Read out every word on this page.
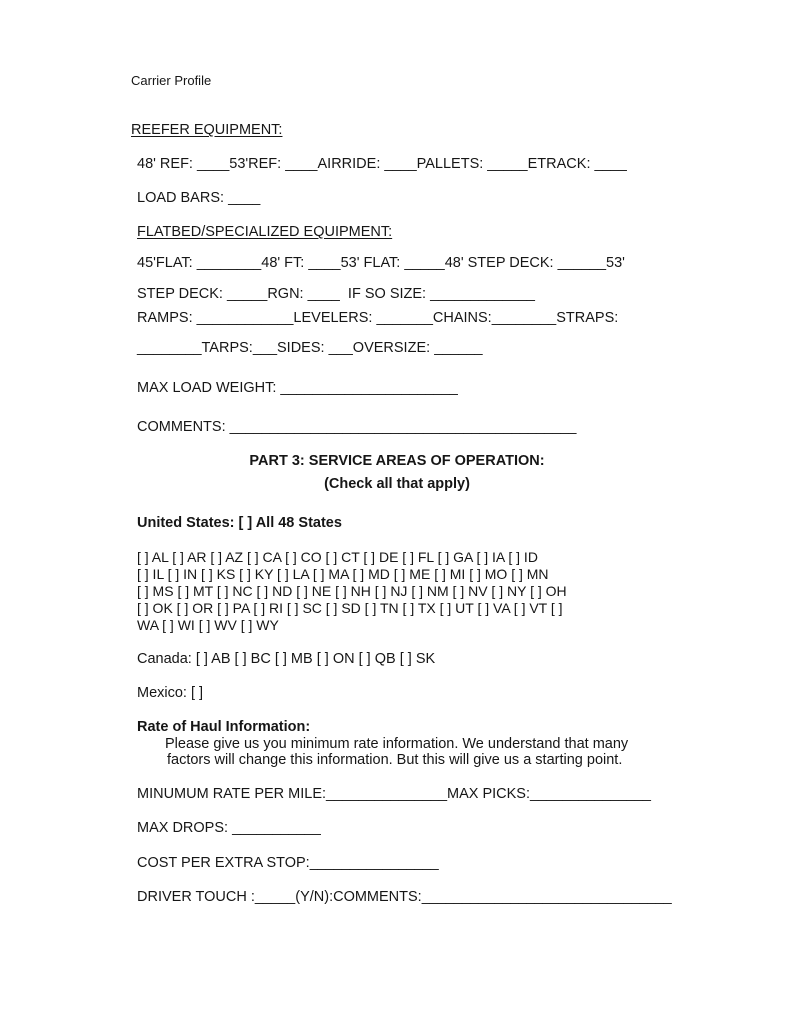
Carrier Profile
REEFER EQUIPMENT:
48' REF: ____53'REF: ____AIRRIDE: ____PALLETS: _____ETRACK: ____
LOAD BARS: ____
FLATBED/SPECIALIZED EQUIPMENT:
45'FLAT: ________48' FT: ____53' FLAT: _____48' STEP DECK: ______53'
STEP DECK: _____RGN: ____ IF SO SIZE: _____________
RAMPS: ____________LEVELERS: _______CHAINS:________STRAPS:
________TARPS:___SIDES: ___OVERSIZE: ______
MAX LOAD WEIGHT: ______________________
COMMENTS: ___________________________________________
PART 3: SERVICE AREAS OF OPERATION:
(Check all that apply)
United States: [ ] All 48 States
[ ] AL [ ] AR [ ] AZ [ ] CA [ ] CO [ ] CT [ ] DE [ ] FL [ ] GA [ ] IA [ ] ID
[ ] IL [ ] IN [ ] KS [ ] KY [ ] LA [ ] MA [ ] MD [ ] ME [ ] MI [ ] MO [ ] MN
[ ] MS [ ] MT [ ] NC [ ] ND [ ] NE [ ] NH [ ] NJ [ ] NM [ ] NV [ ] NY [ ] OH
[ ] OK [ ] OR [ ] PA [ ] RI [ ] SC [ ] SD [ ] TN [ ] TX [ ] UT [ ] VA [ ] VT [ ]
WA [ ] WI [ ] WV [ ] WY
Canada: [ ] AB [ ] BC [ ] MB [ ] ON [ ] QB [ ] SK
Mexico: [ ]
Rate of Haul Information:
Please give us you minimum rate information. We understand that many
factors will change this information. But this will give us a starting point.
MINUMUM RATE PER MILE:_______________MAX PICKS:_______________
MAX DROPS: ___________
COST PER EXTRA STOP:________________
DRIVER TOUCH :_____(Y/N):COMMENTS:_______________________________
